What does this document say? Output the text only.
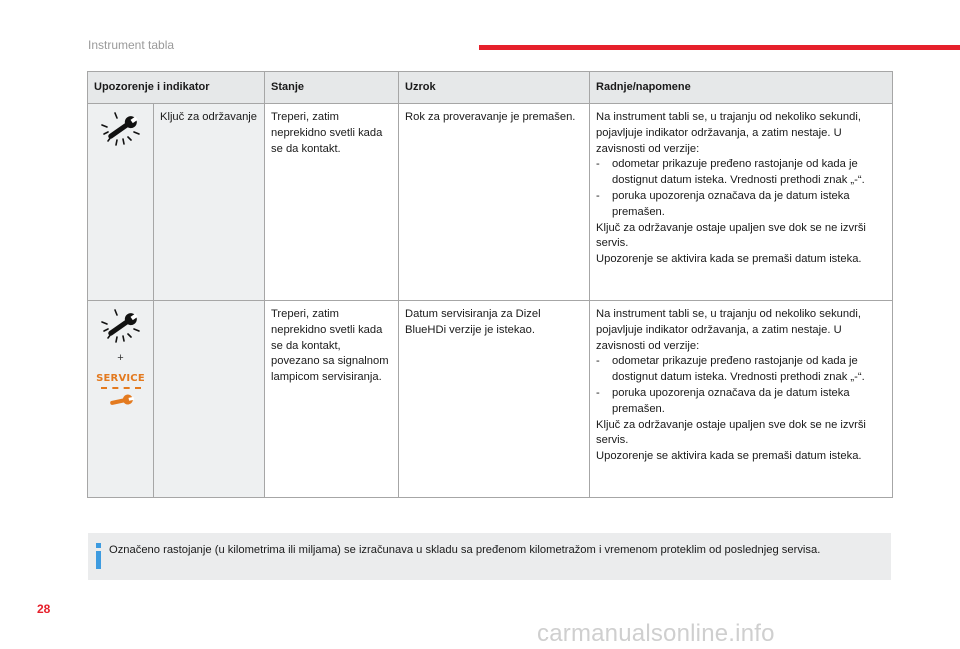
Instrument tabla
Upozorenje i indikator		Stanje	Uzrok	Radnje/napomene

	Ključ za održavanje	Treperi, zatim neprekidno svetli kada se da kontakt.	Rok za proveravanje je premašen.	Na instrument tabli se, u trajanju od nekoliko sekundi, pojavljuje indikator održavanja, a zatim nestaje. U zavisnosti od verzije:
- odometar prikazuje pređeno rastojanje od kada je dostignut datum isteka. Vrednosti prethodi znak „-“.
- poruka upozorenja označava da je datum isteka premašen.
Ključ za održavanje ostaje upaljen sve dok se ne izvrši servis.
Upozorenje se aktivira kada se premaši datum isteka.

+
SERVICE		Treperi, zatim neprekidno svetli kada se da kontakt, povezano sa signalnom lampicom servisiranja.	Datum servisiranja za Dizel BlueHDi verzije je istekao.	Na instrument tabli se, u trajanju od nekoliko sekundi, pojavljuje indikator održavanja, a zatim nestaje. U zavisnosti od verzije:
- odometar prikazuje pređeno rastojanje od kada je dostignut datum isteka. Vrednosti prethodi znak „-“.
- poruka upozorenja označava da je datum isteka premašen.
Ključ za održavanje ostaje upaljen sve dok se ne izvrši servis.
Upozorenje se aktivira kada se premaši datum isteka.
Označeno rastojanje (u kilometrima ili miljama) se izračunava u skladu sa pređenom kilometražom i vremenom proteklim od poslednjeg servisa.
28
carmanualsonline.info
